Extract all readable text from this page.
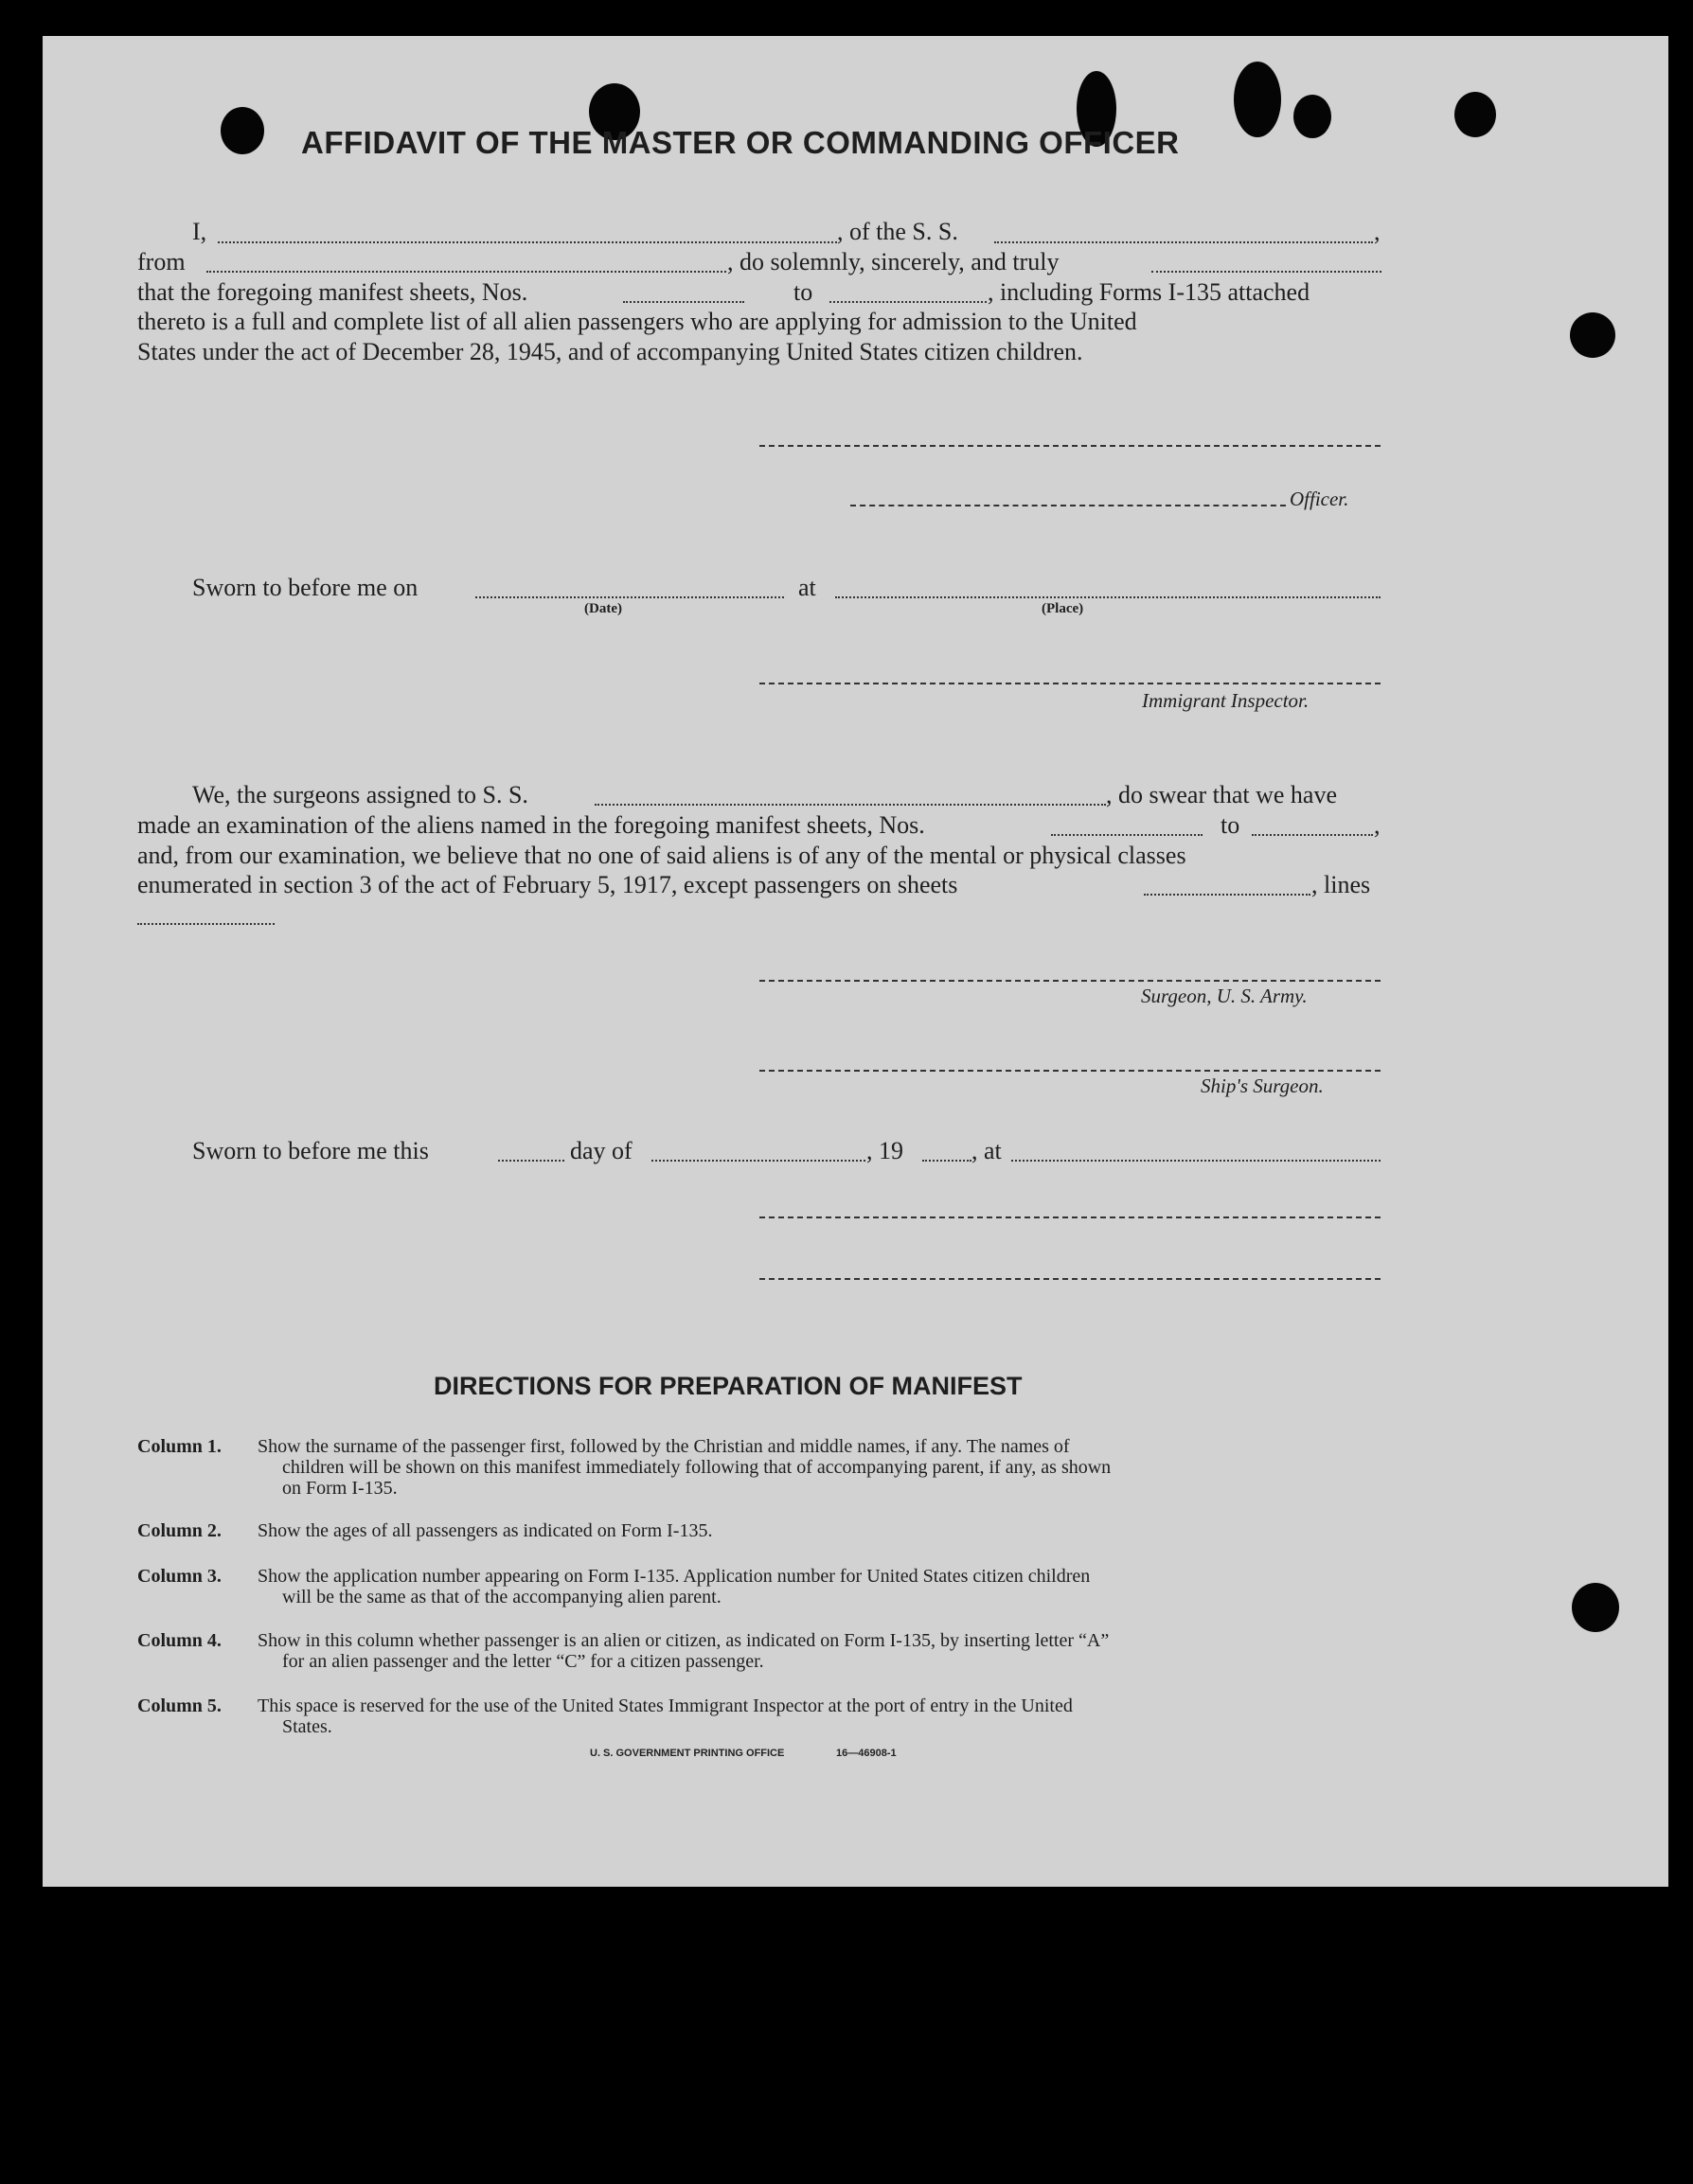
AFFIDAVIT OF THE MASTER OR COMMANDING OFFICER
I,	, of the S. S.	,
from	, do solemnly, sincerely, and truly
that the foregoing manifest sheets, Nos.	to	, including Forms I-135 attached
thereto is a full and complete list of all alien passengers who are applying for admission to the United
States under the act of December 28, 1945, and of accompanying United States citizen children.
Officer.
Sworn to before me on	at
(Date)	(Place)
Immigrant Inspector.
We, the surgeons assigned to S. S.	, do swear that we have
made an examination of the aliens named in the foregoing manifest sheets, Nos.	to	,
and, from our examination, we believe that no one of said aliens is of any of the mental or physical classes
enumerated in section 3 of the act of February 5, 1917, except passengers on sheets	, lines
Surgeon, U. S. Army.
Ship's Surgeon.
Sworn to before me this	day of	, 19	, at
DIRECTIONS FOR PREPARATION OF MANIFEST
Column 1. Show the surname of the passenger first, followed by the Christian and middle names, if any. The names of
children will be shown on this manifest immediately following that of accompanying parent, if any, as shown
on Form I-135.
Column 2. Show the ages of all passengers as indicated on Form I-135.
Column 3. Show the application number appearing on Form I-135. Application number for United States citizen children
will be the same as that of the accompanying alien parent.
Column 4. Show in this column whether passenger is an alien or citizen, as indicated on Form I-135, by inserting letter “A”
for an alien passenger and the letter “C” for a citizen passenger.
Column 5. This space is reserved for the use of the United States Immigrant Inspector at the port of entry in the United
States.
U. S. GOVERNMENT PRINTING OFFICE	16—46908-1
